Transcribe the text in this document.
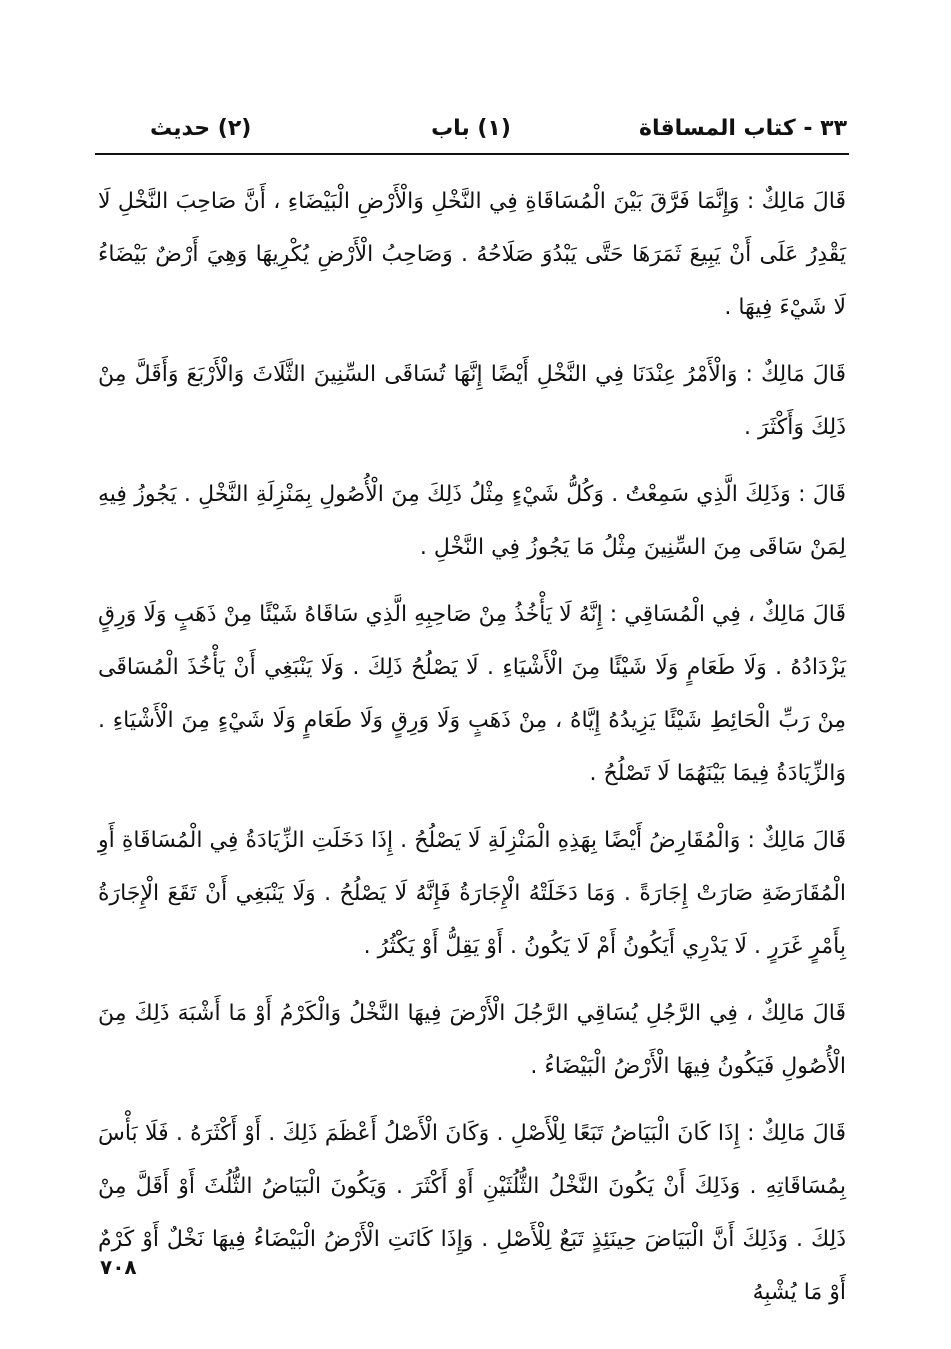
٣٣ - كتاب المساقاة
(١) باب
(٢) حديث

قَالَ مَالِكٌ : وَإِنَّمَا فَرَّقَ بَيْنَ الْمُسَاقَاةِ فِي النَّخْلِ وَالْأَرْضِ الْبَيْضَاءِ ، أَنَّ صَاحِبَ النَّخْلِ لَا يَقْدِرُ عَلَى أَنْ يَبِيعَ ثَمَرَهَا حَتَّى يَبْدُوَ صَلَاحُهُ . وَصَاحِبُ الْأَرْضِ يُكْرِيهَا وَهِيَ أَرْضٌ بَيْضَاءُ لَا شَيْءَ فِيهَا .

قَالَ مَالِكٌ : وَالْأَمْرُ عِنْدَنَا فِي النَّخْلِ أَيْضًا إِنَّهَا تُسَاقَى السِّنِينَ الثَّلَاثَ وَالْأَرْبَعَ وَأَقَلَّ مِنْ ذَلِكَ وَأَكْثَرَ .

قَالَ : وَذَلِكَ الَّذِي سَمِعْتُ . وَكُلُّ شَيْءٍ مِثْلُ ذَلِكَ مِنَ الْأُصُولِ بِمَنْزِلَةِ النَّخْلِ . يَجُوزُ فِيهِ لِمَنْ سَاقَى مِنَ السِّنِينَ مِثْلُ مَا يَجُوزُ فِي النَّخْلِ .

قَالَ مَالِكٌ ، فِي الْمُسَاقِي : إِنَّهُ لَا يَأْخُذُ مِنْ صَاحِبِهِ الَّذِي سَاقَاهُ شَيْئًا مِنْ ذَهَبٍ وَلَا وَرِقٍ يَزْدَادُهُ . وَلَا طَعَامٍ وَلَا شَيْئًا مِنَ الْأَشْيَاءِ . لَا يَصْلُحُ ذَلِكَ . وَلَا يَنْبَغِي أَنْ يَأْخُذَ الْمُسَاقَى مِنْ رَبِّ الْحَائِطِ شَيْئًا يَزِيدُهُ إِيَّاهُ ، مِنْ ذَهَبٍ وَلَا وَرِقٍ وَلَا طَعَامٍ وَلَا شَيْءٍ مِنَ الْأَشْيَاءِ . وَالزِّيَادَةُ فِيمَا بَيْنَهُمَا لَا تَصْلُحُ .

قَالَ مَالِكٌ : وَالْمُقَارِضُ أَيْضًا بِهَذِهِ الْمَنْزِلَةِ لَا يَصْلُحُ . إِذَا دَخَلَتِ الزِّيَادَةُ فِي الْمُسَاقَاةِ أَوِ الْمُقَارَضَةِ صَارَتْ إِجَارَةً . وَمَا دَخَلَتْهُ الْإِجَارَةُ فَإِنَّهُ لَا يَصْلُحُ . وَلَا يَنْبَغِي أَنْ تَقَعَ الْإِجَارَةُ بِأَمْرٍ غَرَرٍ . لَا يَدْرِي أَيَكُونُ أَمْ لَا يَكُونُ . أَوْ يَقِلُّ أَوْ يَكْثُرُ .

قَالَ مَالِكٌ ، فِي الرَّجُلِ يُسَاقِي الرَّجُلَ الْأَرْضَ فِيهَا النَّخْلُ وَالْكَرْمُ أَوْ مَا أَشْبَهَ ذَلِكَ مِنَ الْأُصُولِ فَيَكُونُ فِيهَا الْأَرْضُ الْبَيْضَاءُ .

قَالَ مَالِكٌ : إِذَا كَانَ الْبَيَاضُ تَبَعًا لِلْأَصْلِ . وَكَانَ الْأَصْلُ أَعْظَمَ ذَلِكَ . أَوْ أَكْثَرَهُ . فَلَا بَأْسَ بِمُسَاقَاتِهِ . وَذَلِكَ أَنْ يَكُونَ النَّخْلُ الثُّلُثَيْنِ أَوْ أَكْثَرَ . وَيَكُونَ الْبَيَاضُ الثُّلُثَ أَوْ أَقَلَّ مِنْ ذَلِكَ . وَذَلِكَ أَنَّ الْبَيَاضَ حِينَئِذٍ تَبَعٌ لِلْأَصْلِ . وَإِذَا كَانَتِ الْأَرْضُ الْبَيْضَاءُ فِيهَا نَخْلٌ أَوْ كَرْمٌ أَوْ مَا يُشْبِهُ

٧٠٨
